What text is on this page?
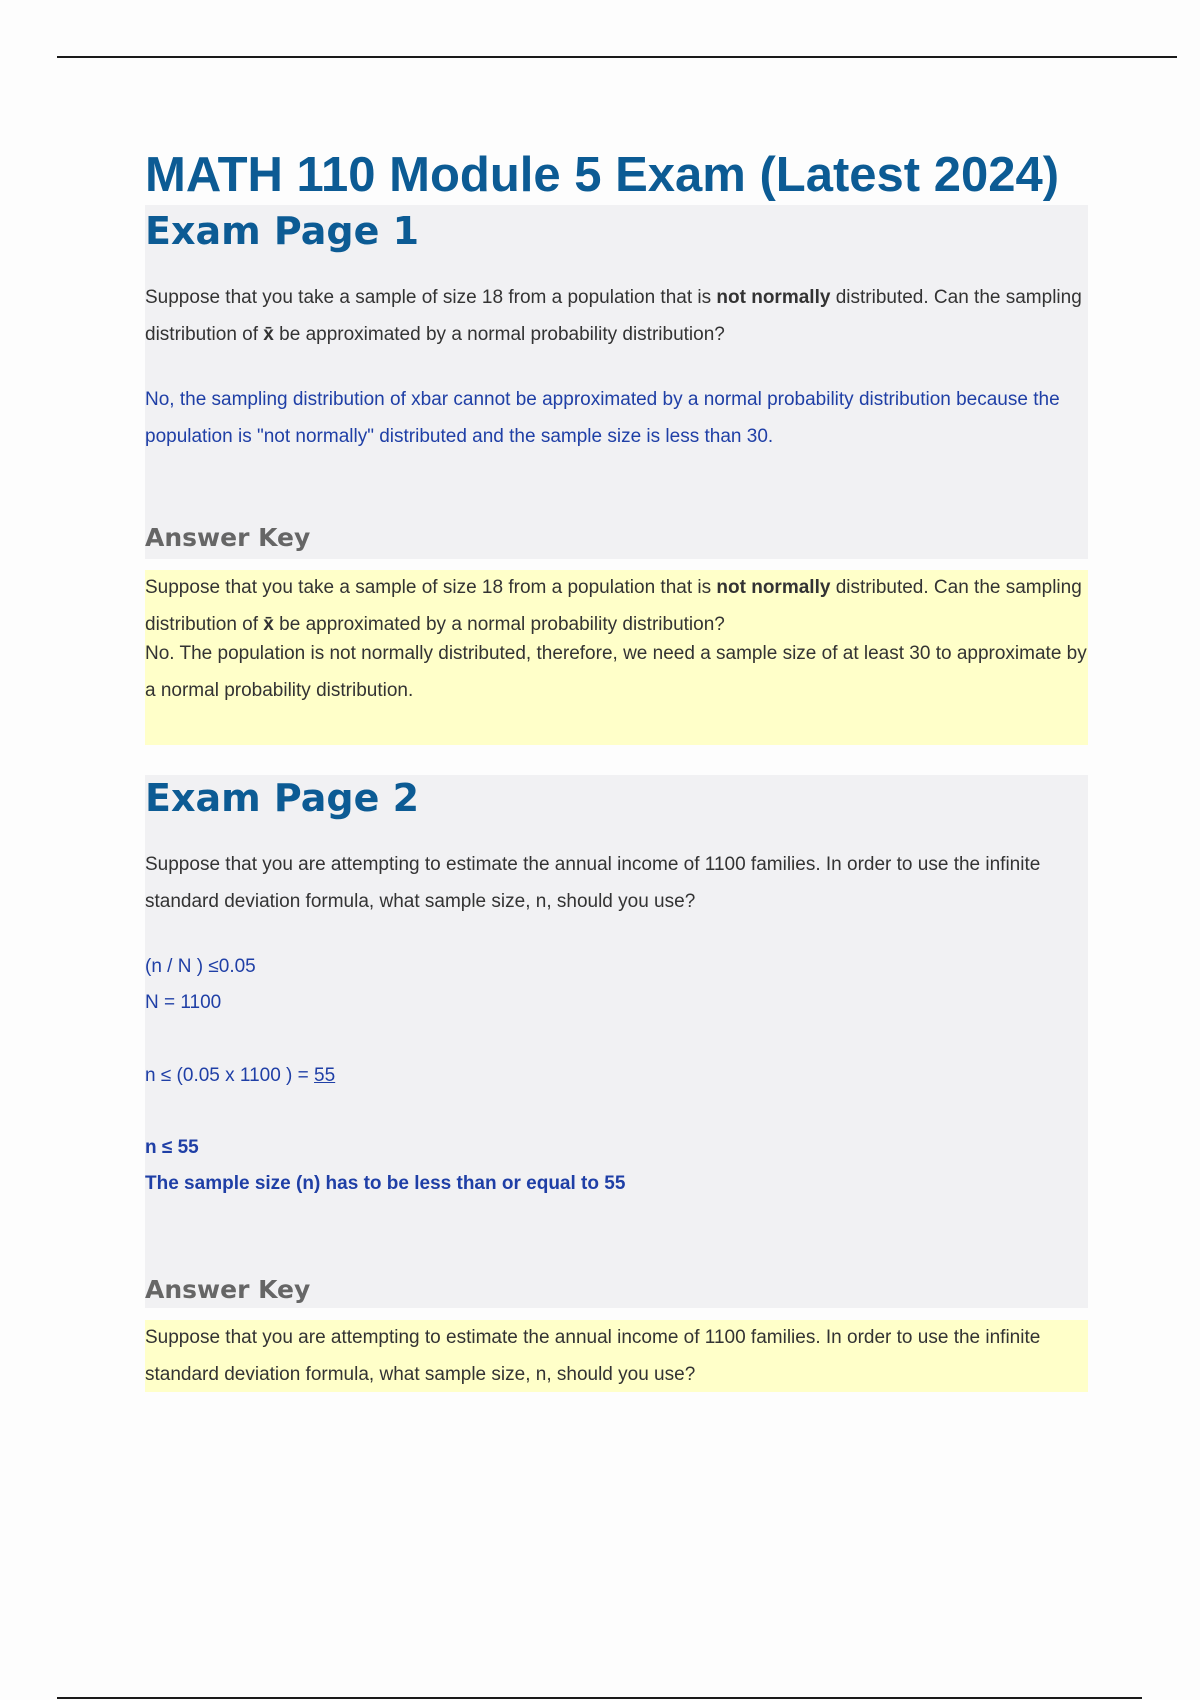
MATH 110 Module 5 Exam (Latest 2024)
Exam Page 1

Suppose that you take a sample of size 18 from a population that is not normally distributed. Can the sampling distribution of x̄ be approximated by a normal probability distribution?

No, the sampling distribution of xbar cannot be approximated by a normal probability distribution because the population is "not normally" distributed and the sample size is less than 30.

Answer Key

Suppose that you take a sample of size 18 from a population that is not normally distributed. Can the sampling distribution of x̄ be approximated by a normal probability distribution?

No. The population is not normally distributed, therefore, we need a sample size of at least 30 to approximate by a normal probability distribution.

Exam Page 2

Suppose that you are attempting to estimate the annual income of 1100 families. In order to use the infinite standard deviation formula, what sample size, n, should you use?

(n / N ) ≤0.05

N = 1100

n ≤ (0.05 x 1100 ) = 55

n ≤ 55

The sample size (n) has to be less than or equal to 55

Answer Key

Suppose that you are attempting to estimate the annual income of 1100 families. In order to use the infinite standard deviation formula, what sample size, n, should you use?
